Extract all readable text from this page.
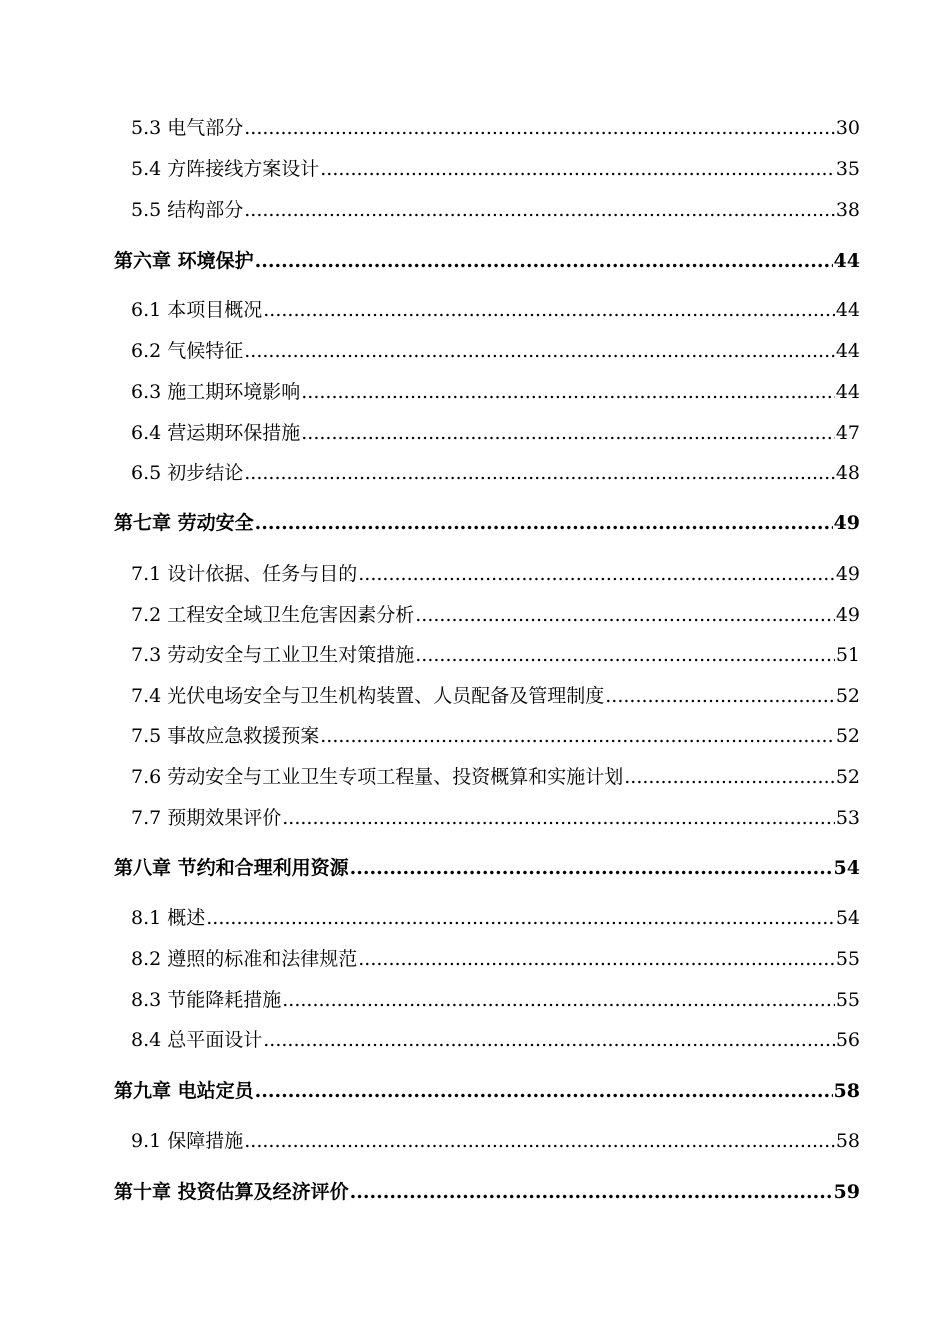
5.3 电气部分 .....	30
5.4 方阵接线方案设计 .....	35
5.5 结构部分 .....	38
第六章 环境保护 .....	44
6.1 本项目概况 .....	44
6.2 气候特征 .....	44
6.3 施工期环境影响 .....	44
6.4 营运期环保措施 .....	47
6.5 初步结论 .....	48
第七章 劳动安全 .....	49
7.1 设计依据、任务与目的 .....	49
7.2 工程安全域卫生危害因素分析 .....	49
7.3 劳动安全与工业卫生对策措施 .....	51
7.4 光伏电场安全与卫生机构装置、人员配备及管理制度 .....	52
7.5 事故应急救援预案 .....	52
7.6 劳动安全与工业卫生专项工程量、投资概算和实施计划 .....	52
7.7 预期效果评价 .....	53
第八章 节约和合理利用资源 .....	54
8.1 概述 .....	54
8.2 遵照的标准和法律规范 .....	55
8.3 节能降耗措施 .....	55
8.4 总平面设计 .....	56
第九章 电站定员 .....	58
9.1 保障措施 .....	58
第十章 投资估算及经济评价 .....	59
